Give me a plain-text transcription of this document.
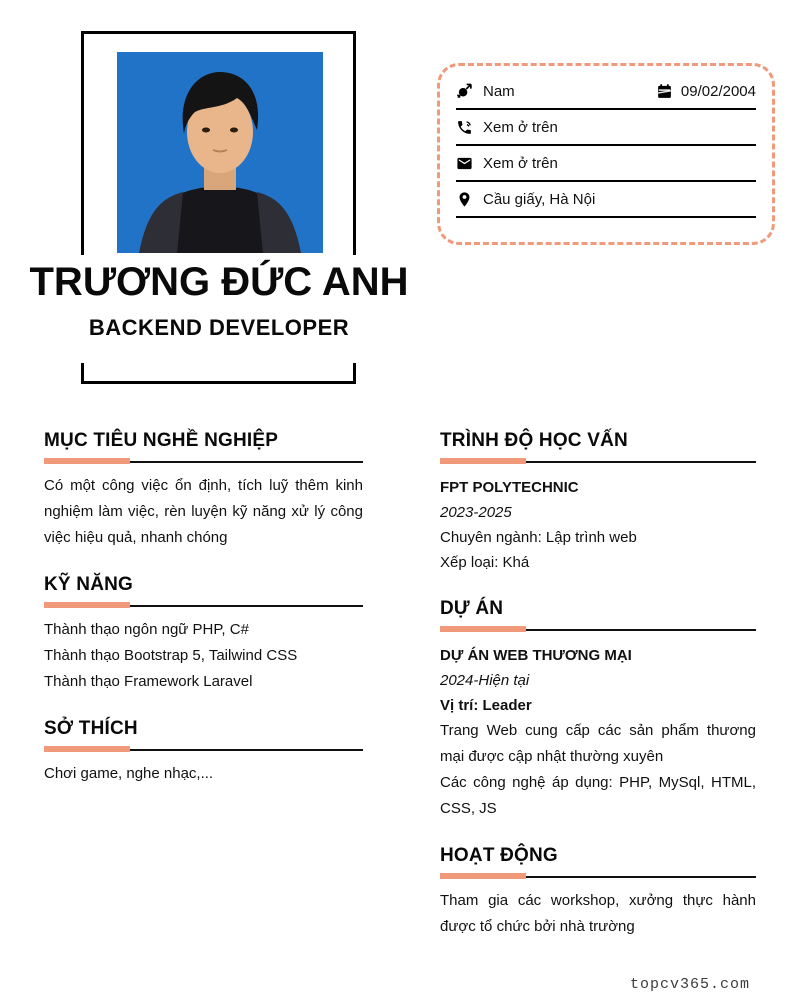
TRƯƠNG ĐỨC ANH
BACKEND DEVELOPER
Nam	09/02/2004
Xem ở trên
Xem ở trên
Cầu giấy, Hà Nội
MỤC TIÊU NGHỀ NGHIỆP

Có một công việc ổn định, tích luỹ thêm kinh nghiệm làm việc, rèn luyện kỹ năng xử lý công việc hiệu quả, nhanh chóng

KỸ NĂNG
Thành thạo ngôn ngữ PHP, C#
Thành thạo Bootstrap 5, Tailwind CSS
Thành thạo Framework Laravel
SỞ THÍCH

Chơi game, nghe nhạc,...

TRÌNH ĐỘ HỌC VẤN

FPT POLYTECHNIC

2023-2025

Chuyên ngành: Lập trình web

Xếp loại: Khá

DỰ ÁN

DỰ ÁN WEB THƯƠNG MẠI

2024-Hiện tại

Vị trí: Leader

Trang Web cung cấp các sản phẩm thương mại được cập nhật thường xuyên

Các công nghệ áp dụng: PHP, MySql, HTML, CSS, JS

HOẠT ĐỘNG

Tham gia các workshop, xưởng thực hành được tổ chức bởi nhà trường

topcv365.com
